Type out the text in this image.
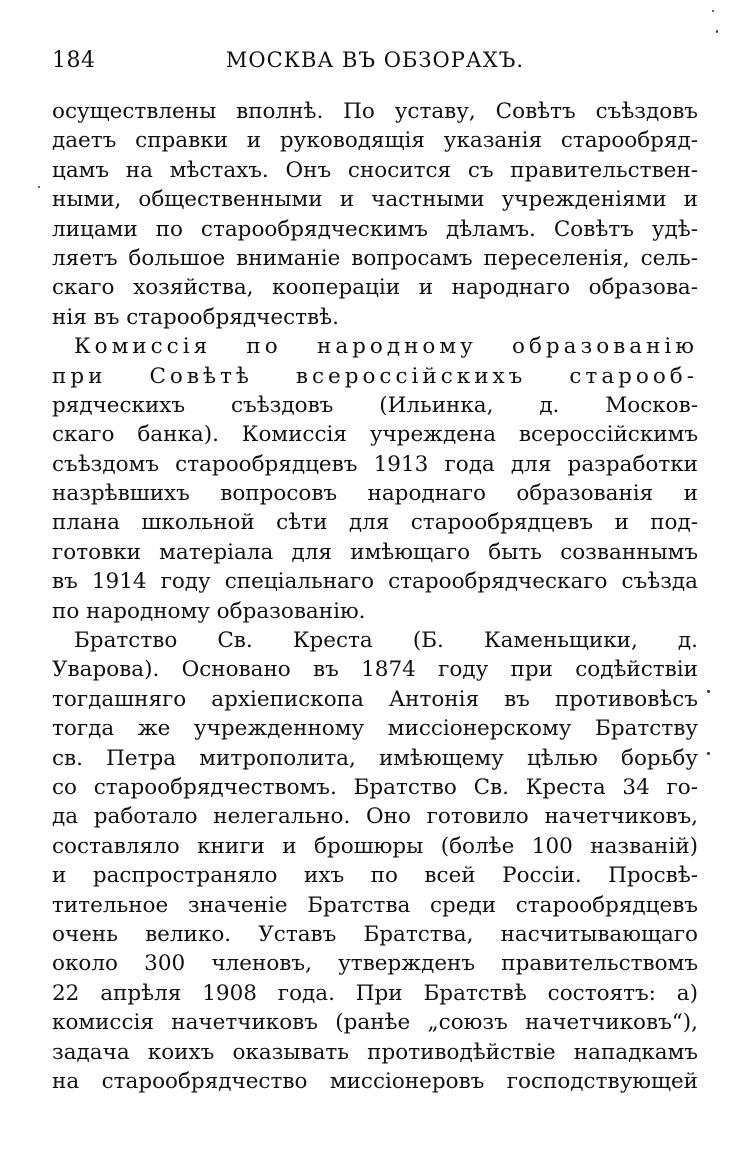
184	МОСКВА ВЪ ОБЗОРАХЪ.
осуществлены вполнѣ. По уставу, Совѣтъ съѣздовъ
даетъ справки и руководящія указанія старообряд-
цамъ на мѣстахъ. Онъ сносится съ правительствен-
ными, общественными и частными учрежденіями и
лицами по старообрядческимъ дѣламъ. Совѣтъ удѣ-
ляетъ большое вниманіе вопросамъ переселенія, сель-
скаго хозяйства, коопераціи и народнаго образова-
нія въ старообрядчествѣ.
Комиссія по народному образованію
при Совѣтѣ всероссійскихъ старооб-
рядческихъ съѣздовъ (Ильинка, д. Москов-
скаго банка). Комиссія учреждена всероссійскимъ
съѣздомъ старообрядцевъ 1913 года для разработки
назрѣвшихъ вопросовъ народнаго образованія и
плана школьной сѣти для старообрядцевъ и под-
готовки матеріала для имѣющаго быть созваннымъ
въ 1914 году спеціальнаго старообрядческаго съѣзда
по народному образованію.
Братство Св. Креста (Б. Каменьщики, д.
Уварова). Основано въ 1874 году при содѣйствіи
тогдашняго архіепископа Антонія въ противовѣсъ
тогда же учрежденному миссіонерскому Братству
св. Петра митрополита, имѣющему цѣлью борьбу
со старообрядчествомъ. Братство Св. Креста 34 го-
да работало нелегально. Оно готовило начетчиковъ,
составляло книги и брошюры (болѣе 100 названій)
и распространяло ихъ по всей Россіи. Просвѣ-
тительное значеніе Братства среди старообрядцевъ
очень велико. Уставъ Братства, насчитывающаго
около 300 членовъ, утвержденъ правительствомъ
22 апрѣля 1908 года. При Братствѣ состоятъ: а)
комиссія начетчиковъ (ранѣе „союзъ начетчиковъ“),
задача коихъ оказывать противодѣйствіе нападкамъ
на старообрядчество миссіонеровъ господствующей
